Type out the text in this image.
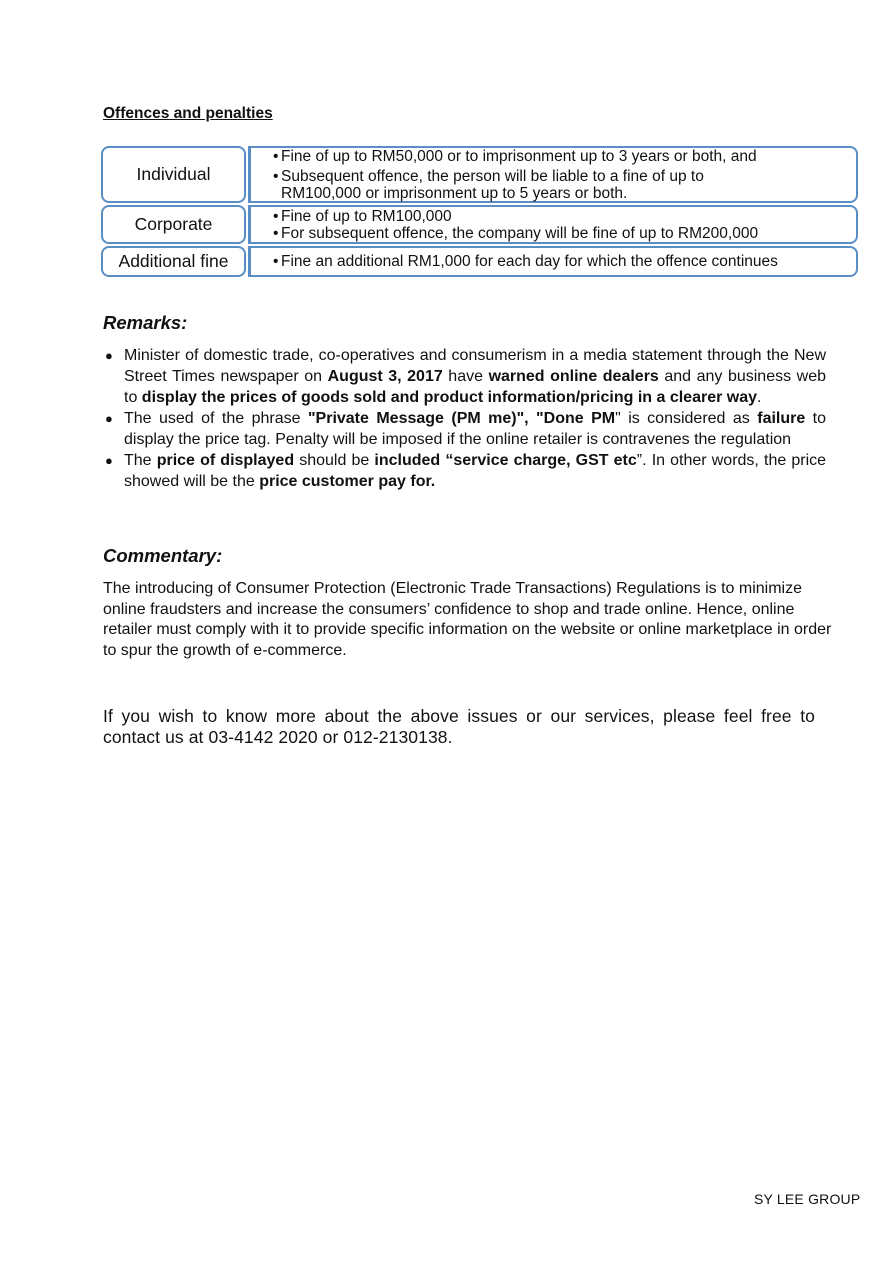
Offences and penalties
Individual
• Fine of up to RM50,000 or to imprisonment up to 3 years or both, and
• Subsequent offence, the person will be liable to a fine of up to RM100,000 or imprisonment up to 5 years or both.
Corporate	• Fine of up to RM100,000
• For subsequent offence, the company will be fine of up to RM200,000
Additional fine	• Fine an additional RM1,000 for each day for which the offence continues
Remarks:
● Minister of domestic trade, co-operatives and consumerism in a media statement through the New Street Times newspaper on August 3, 2017 have warned online dealers and any business web to display the prices of goods sold and product information/pricing in a clearer way.
● The used of the phrase "Private Message (PM me)", "Done PM" is considered as failure to display the price tag. Penalty will be imposed if the online retailer is contravenes the regulation
● The price of displayed should be included “service charge, GST etc”. In other words, the price showed will be the price customer pay for.
Commentary:

The introducing of Consumer Protection (Electronic Trade Transactions) Regulations is to minimize online fraudsters and increase the consumers’ confidence to shop and trade online. Hence, online retailer must comply with it to provide specific information on the website or online marketplace in order to spur the growth of e-commerce.

If you wish to know more about the above issues or our services, please feel free to contact us at 03-4142 2020 or 012-2130138.

SY LEE GROUP
